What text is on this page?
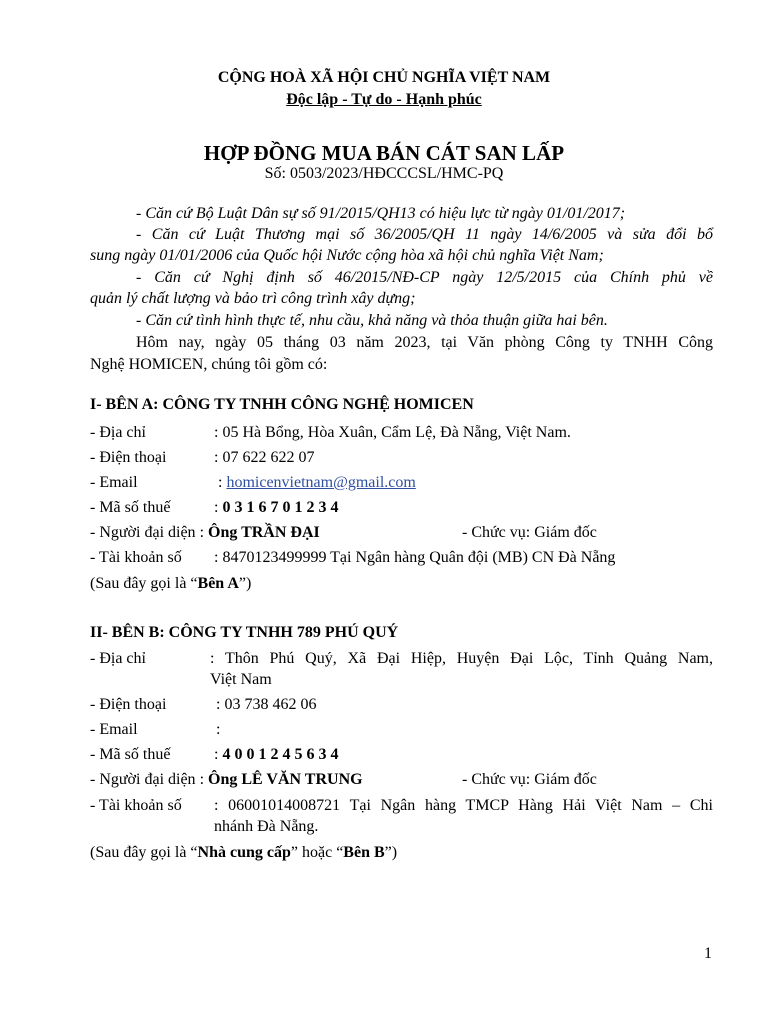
CỘNG HOÀ XÃ HỘI CHỦ NGHĨA VIỆT NAM
Độc lập - Tự do - Hạnh phúc
HỢP ĐỒNG MUA BÁN CÁT SAN LẤP
Số: 0503/2023/HĐCCCSL/HMC-PQ
- Căn cứ Bộ Luật Dân sự số 91/2015/QH13 có hiệu lực từ ngày 01/01/2017;
- Căn cứ Luật Thương mại số 36/2005/QH 11 ngày 14/6/2005 và sửa đổi bổ
sung ngày 01/01/2006 của Quốc hội Nước cộng hòa xã hội chủ nghĩa Việt Nam;
- Căn cứ Nghị định số 46/2015/NĐ-CP ngày 12/5/2015 của Chính phủ về
quản lý chất lượng và bảo trì công trình xây dựng;
- Căn cứ tình hình thực tế, nhu cầu, khả năng và thỏa thuận giữa hai bên.
Hôm nay, ngày 05 tháng 03 năm 2023, tại Văn phòng Công ty TNHH Công
Nghệ HOMICEN, chúng tôi gồm có:
I- BÊN A: CÔNG TY TNHH CÔNG NGHỆ HOMICEN
- Địa chỉ	: 05 Hà Bổng, Hòa Xuân, Cẩm Lệ, Đà Nẵng, Việt Nam.
- Điện thoại	: 07 622 622 07
- Email	: homicenvietnam@gmail.com
- Mã số thuế	: 0 3 1 6 7 0 1 2 3 4
- Người đại diện : Ông TRẦN ĐẠI	- Chức vụ: Giám đốc
- Tài khoản số : 8470123499999 Tại Ngân hàng Quân đội (MB) CN Đà Nẵng
(Sau đây gọi là “Bên A”)
II- BÊN B: CÔNG TY TNHH 789 PHÚ QUÝ
- Địa chỉ	: Thôn Phú Quý, Xã Đại Hiệp, Huyện Đại Lộc, Tỉnh Quảng Nam,
Việt Nam
- Điện thoại	: 03 738 462 06
- Email	:
- Mã số thuế	: 4 0 0 1 2 4 5 6 3 4
- Người đại diện : Ông LÊ VĂN TRUNG	- Chức vụ: Giám đốc
- Tài khoản số : 06001014008721 Tại Ngân hàng TMCP Hàng Hải Việt Nam – Chi
nhánh Đà Nẵng.
(Sau đây gọi là “Nhà cung cấp” hoặc “Bên B”)
1
